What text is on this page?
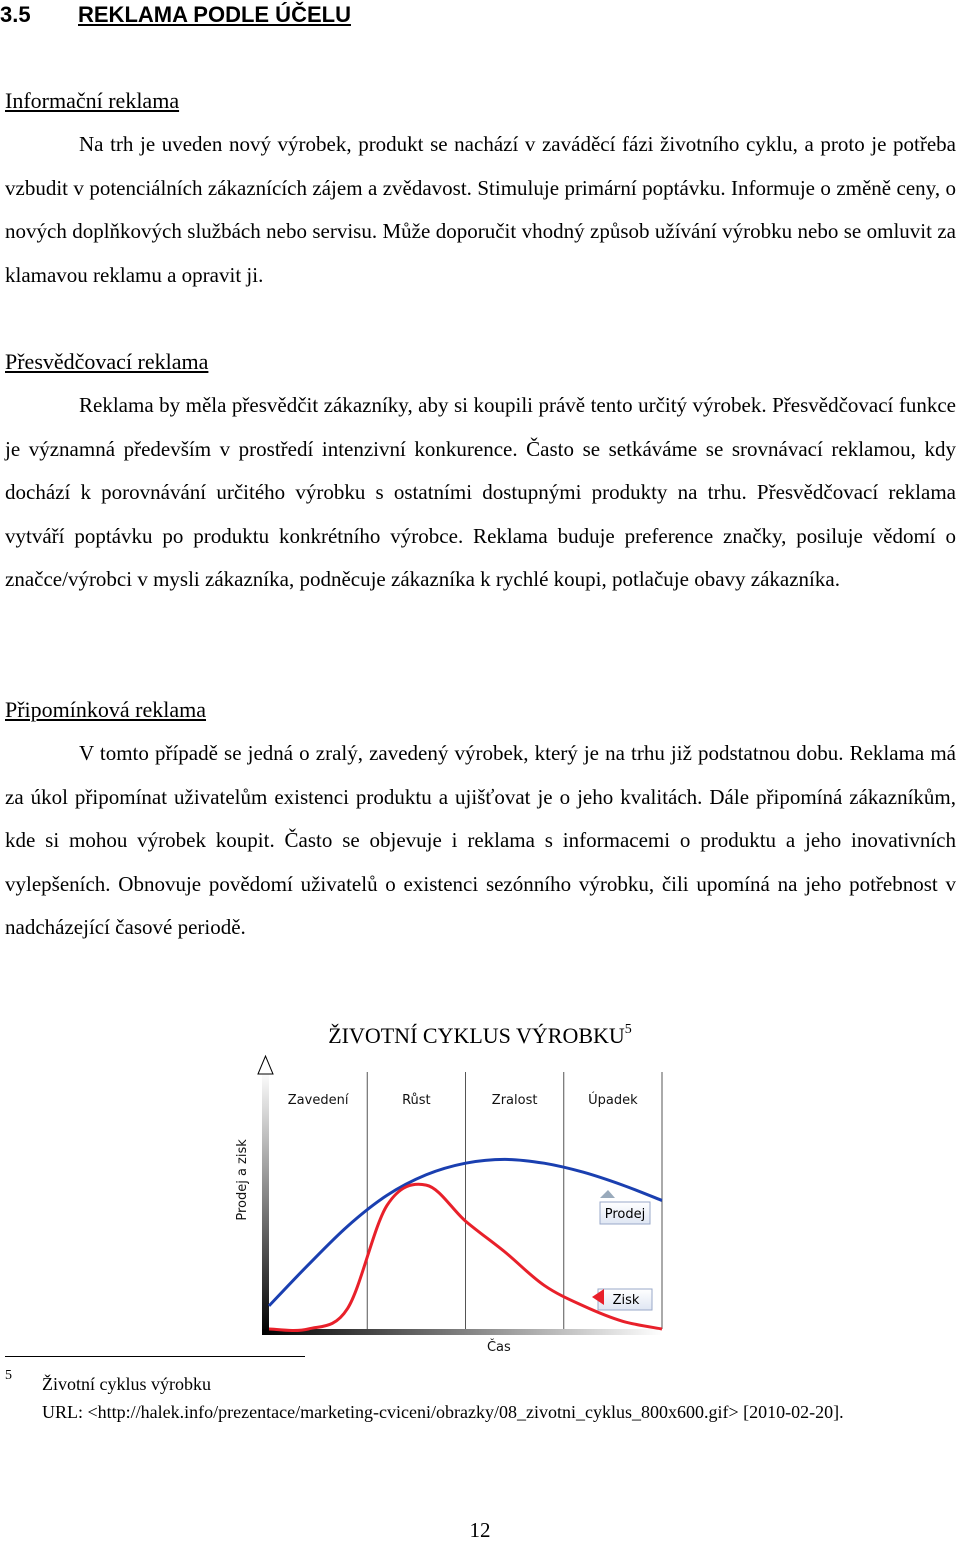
3.5 REKLAMA PODLE ÚČELU
Informační reklama

Na trh je uveden nový výrobek, produkt se nachází v zaváděcí fázi životního cyklu, a proto je potřeba vzbudit v potenciálních zákaznících zájem a zvědavost. Stimuluje primární poptávku. Informuje o změně ceny, o nových doplňkových službách nebo servisu. Může doporučit vhodný způsob užívání výrobku nebo se omluvit za klamavou reklamu a opravit ji.

Přesvědčovací reklama

Reklama by měla přesvědčit zákazníky, aby si koupili právě tento určitý výrobek. Přesvědčovací funkce je významná především v prostředí intenzivní konkurence. Často se setkáváme se srovnávací reklamou, kdy dochází k porovnávání určitého výrobku s ostatními dostupnými produkty na trhu. Přesvědčovací reklama vytváří poptávku po produktu konkrétního výrobce. Reklama buduje preference značky, posiluje vědomí o značce/výrobci v mysli zákazníka, podněcuje zákazníka k rychlé koupi, potlačuje obavy zákazníka.

Připomínková reklama

V tomto případě se jedná o zralý, zavedený výrobek, který je na trhu již podstatnou dobu. Reklama má za úkol připomínat uživatelům existenci produktu a ujišťovat je o jeho kvalitách. Dále připomíná zákazníkům, kde si mohou výrobek koupit. Často se objevuje i reklama s informacemi o produktu a jeho inovativních vylepšeních. Obnovuje povědomí uživatelů o existenci sezónního výrobku, čili upomíná na jeho potřebnost v nadcházející časové periodě.

ŽIVOTNÍ CYKLUS VÝROBKU$^5$
Zavedení	Růst	Zralost	Úpadek
Čas
Prodej a zisk	Prodej
Zisk
5 Životní cyklus výrobku
URL: <http://halek.info/prezentace/marketing-cviceni/obrazky/08_zivotni_cyklus_800x600.gif> [2010-02-20].
12
